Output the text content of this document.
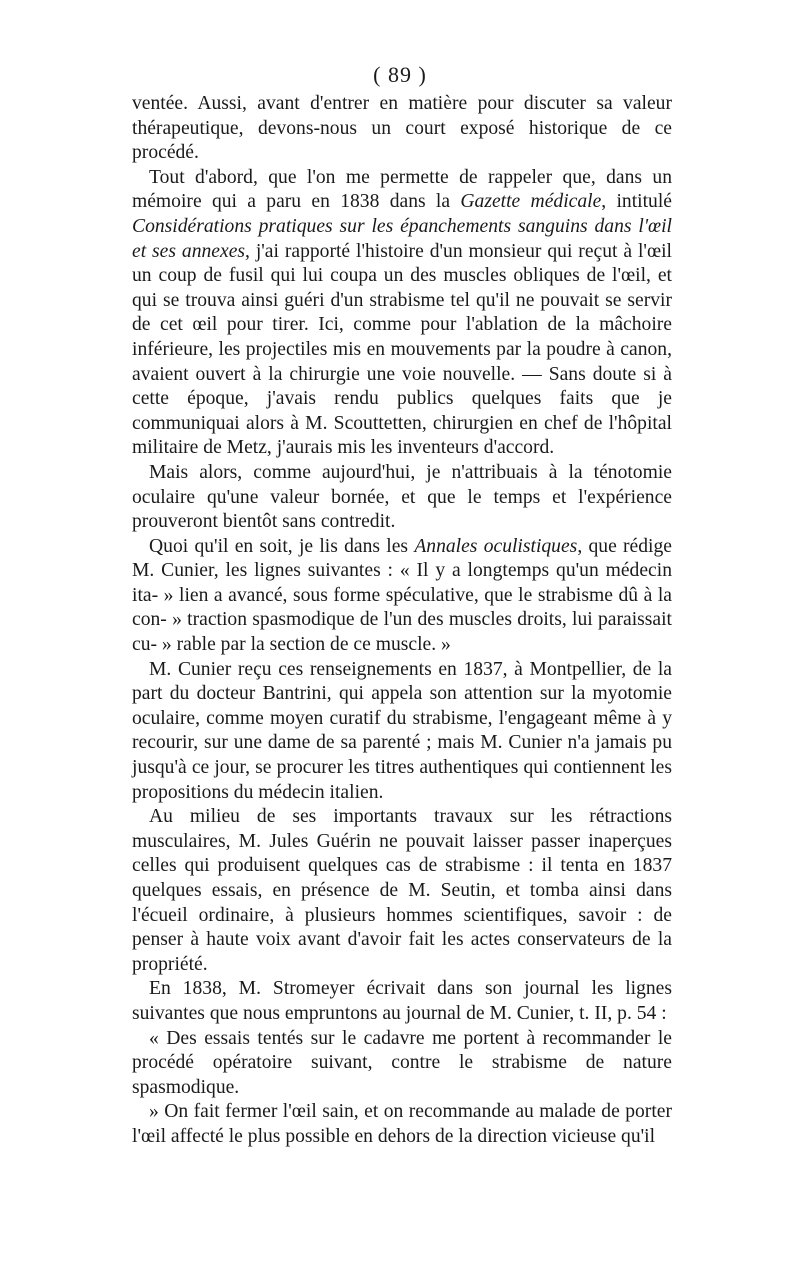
( 89 )

ventée. Aussi, avant d'entrer en matière pour discuter sa valeur thérapeutique, devons-nous un court exposé historique de ce procédé.

Tout d'abord, que l'on me permette de rappeler que, dans un mémoire qui a paru en 1838 dans la Gazette médicale, intitulé Considérations pratiques sur les épanchements sanguins dans l'œil et ses annexes, j'ai rapporté l'histoire d'un monsieur qui reçut à l'œil un coup de fusil qui lui coupa un des muscles obliques de l'œil, et qui se trouva ainsi guéri d'un strabisme tel qu'il ne pouvait se servir de cet œil pour tirer. Ici, comme pour l'ablation de la mâchoire inférieure, les projectiles mis en mouvements par la poudre à canon, avaient ouvert à la chirurgie une voie nouvelle. — Sans doute si à cette époque, j'avais rendu publics quelques faits que je communiquai alors à M. Scouttetten, chirurgien en chef de l'hôpital militaire de Metz, j'aurais mis les inventeurs d'accord.

Mais alors, comme aujourd'hui, je n'attribuais à la ténotomie oculaire qu'une valeur bornée, et que le temps et l'expérience prouveront bientôt sans contredit.

Quoi qu'il en soit, je lis dans les Annales oculistiques, que rédige M. Cunier, les lignes suivantes : « Il y a longtemps qu'un médecin ita- » lien a avancé, sous forme spéculative, que le strabisme dû à la con- » traction spasmodique de l'un des muscles droits, lui paraissait cu- » rable par la section de ce muscle. »

M. Cunier reçu ces renseignements en 1837, à Montpellier, de la part du docteur Bantrini, qui appela son attention sur la myotomie oculaire, comme moyen curatif du strabisme, l'engageant même à y recourir, sur une dame de sa parenté ; mais M. Cunier n'a jamais pu jusqu'à ce jour, se procurer les titres authentiques qui contiennent les propositions du médecin italien.

Au milieu de ses importants travaux sur les rétractions musculaires, M. Jules Guérin ne pouvait laisser passer inaperçues celles qui produisent quelques cas de strabisme : il tenta en 1837 quelques essais, en présence de M. Seutin, et tomba ainsi dans l'écueil ordinaire, à plusieurs hommes scientifiques, savoir : de penser à haute voix avant d'avoir fait les actes conservateurs de la propriété.

En 1838, M. Stromeyer écrivait dans son journal les lignes suivantes que nous empruntons au journal de M. Cunier, t. II, p. 54 :

« Des essais tentés sur le cadavre me portent à recommander le procédé opératoire suivant, contre le strabisme de nature spasmodique.

» On fait fermer l'œil sain, et on recommande au malade de porter l'œil affecté le plus possible en dehors de la direction vicieuse qu'il
